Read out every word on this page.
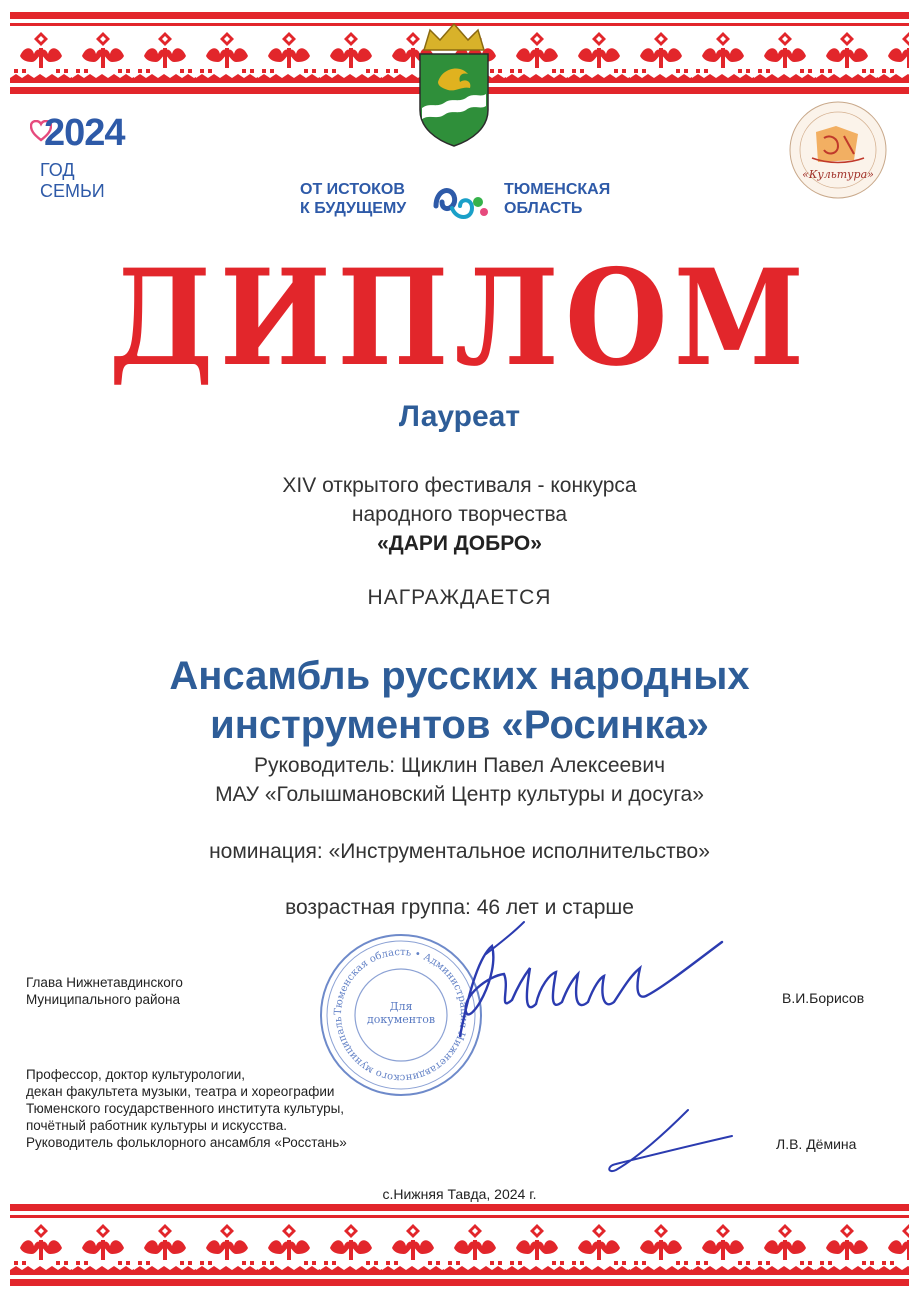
2024
ГОД СЕМЬИ	ОТ ИСТОКОВ
К БУДУЩЕМУ
ТЮМЕНСКАЯ
ОБЛАСТЬ
«Культура»
ДИПЛОМ
Лауреат
XIV открытого фестиваля - конкурса
народного творчества
«ДАРИ ДОБРО»
НАГРАЖДАЕТСЯ
Ансамбль русских народных
инструментов «Росинка»
Руководитель: Щиклин Павел Алексеевич
МАУ «Голышмановский Центр культуры и досуга»
номинация: «Инструментальное исполнительство»
возрастная группа: 46 лет и старше
Тюменская область • Администрация Нижнетавдинского муниципаль
Для документов
Глава Нижнетавдинского
Муниципального района	В.И.Борисов
Профессор, доктор культурологии,
декан факультета музыки, театра и хореографии
Тюменского государственного института культуры,
почётный работник культуры и искусства.
Руководитель фольклорного ансамбля «Росстань»	Л.В. Дёмина
с.Нижняя Тавда, 2024 г.
